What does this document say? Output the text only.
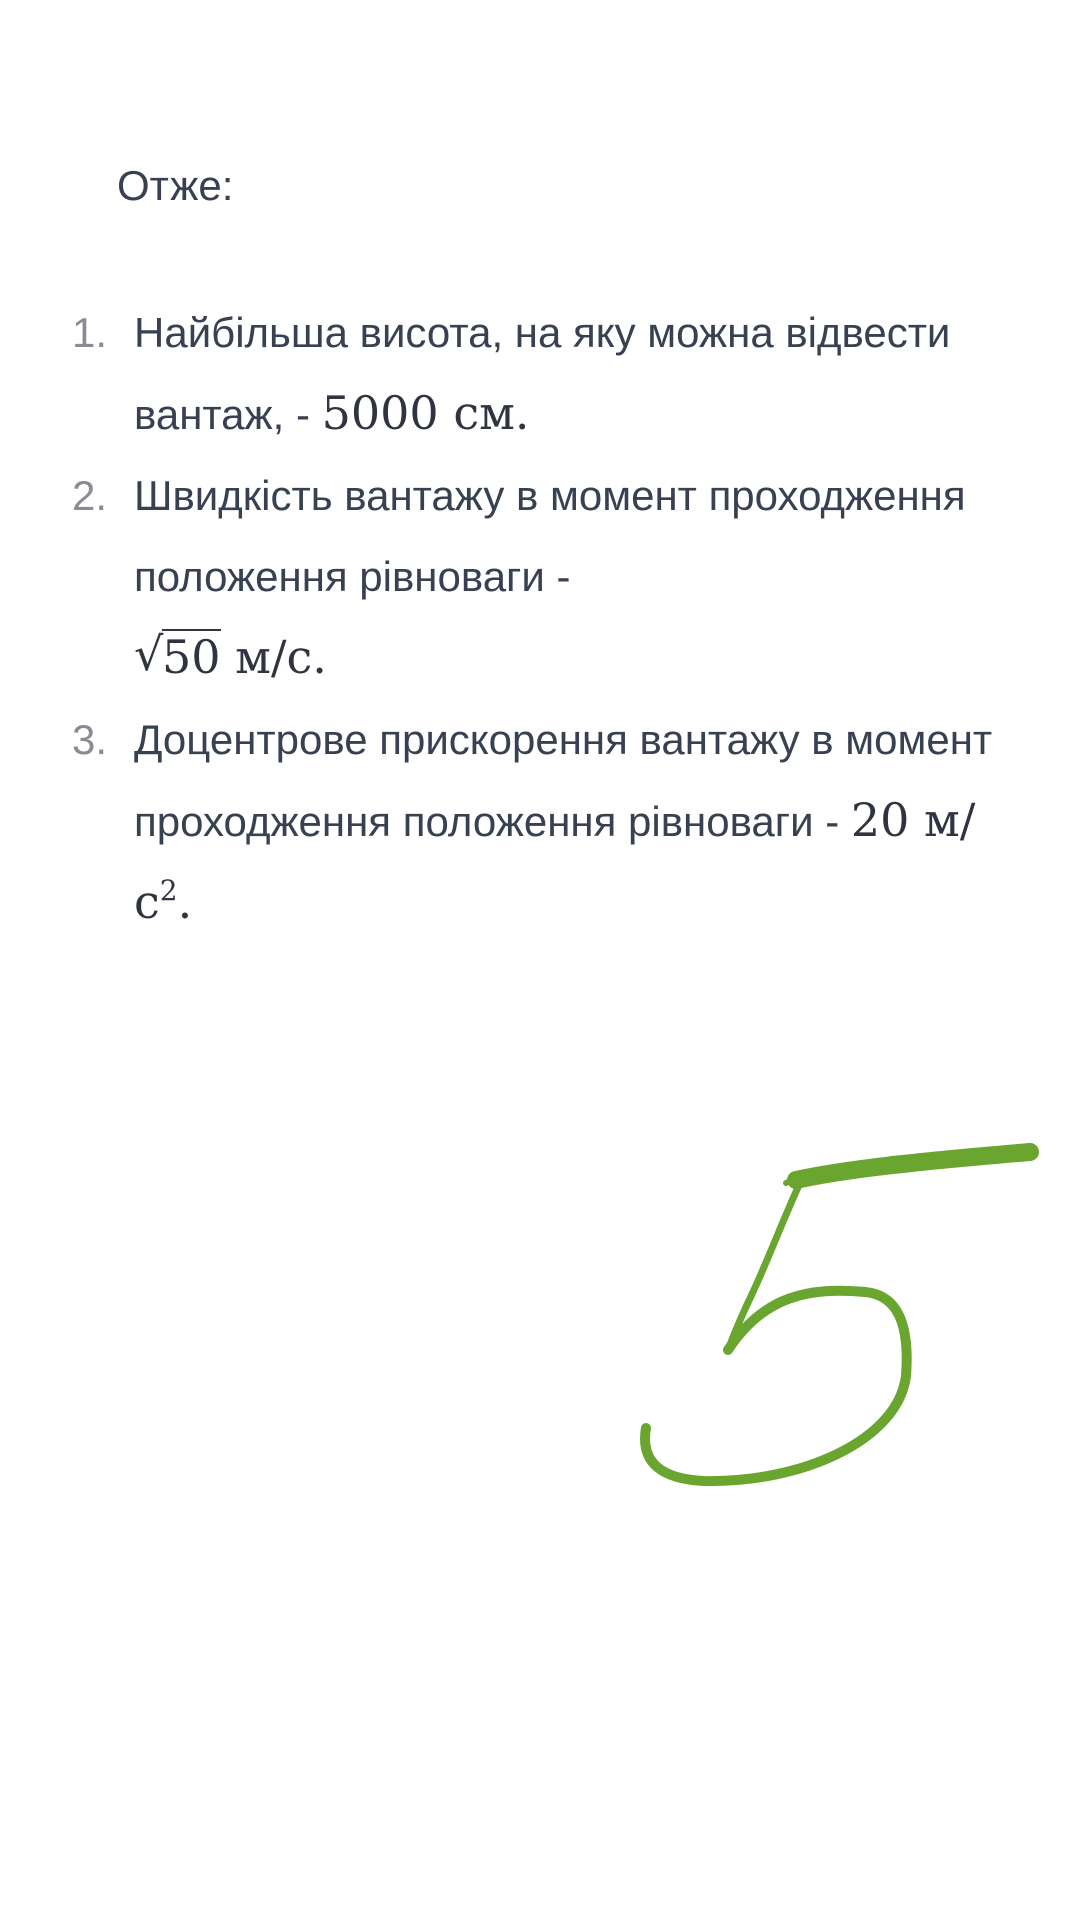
Отже:

1. Найбільша висота, на яку можна відвести вантаж, - 5000 см.
2. Швидкість вантажу в момент проходження положення рівноваги -

√
50 м/с.
3. Доцентрове прискорення вантажу в момент проходження положення рівноваги - 20 $м/с^2$.
